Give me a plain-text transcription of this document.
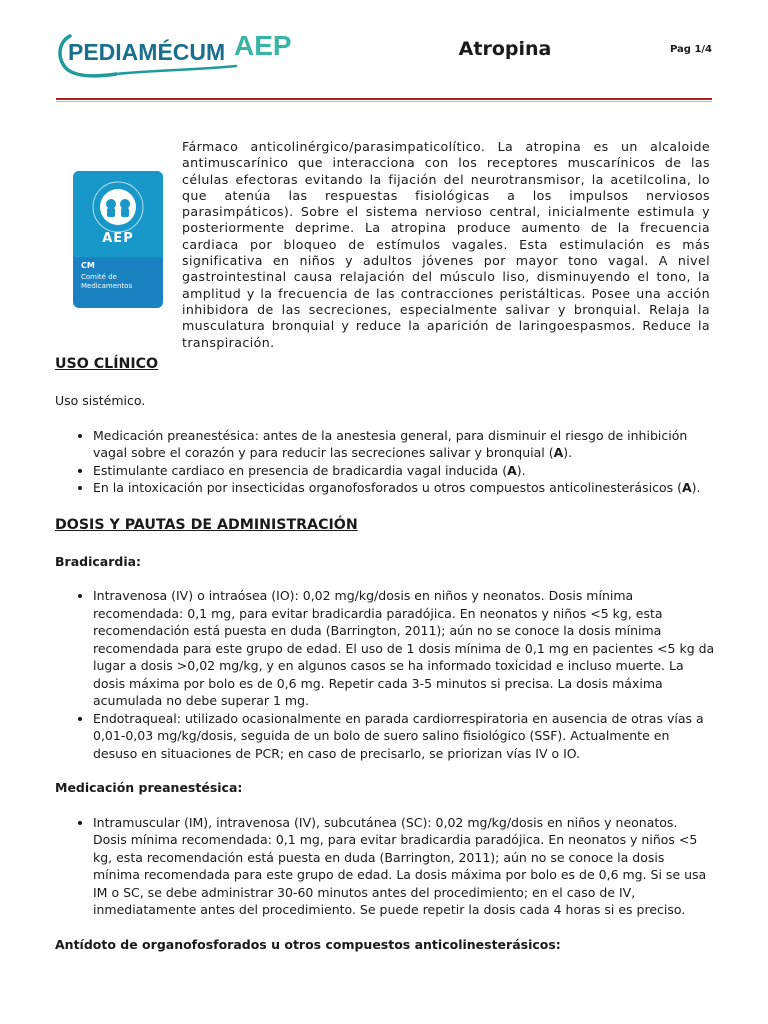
PEDIAMÉCUM AEP	Atropina	Pag 1/4
AEP
CM
Comité de
Medicamentos
Fármaco anticolinérgico/parasimpaticolítico. La atropina es un alcaloide antimuscarínico que interacciona con los receptores muscarínicos de las células efectoras evitando la fijación del neurotransmisor, la acetilcolina, lo que atenúa las respuestas fisiológicas a los impulsos nerviosos parasimpáticos). Sobre el sistema nervioso central, inicialmente estimula y posteriormente deprime. La atropina produce aumento de la frecuencia cardiaca por bloqueo de estímulos vagales. Esta estimulación es más significativa en niños y adultos jóvenes por mayor tono vagal. A nivel gastrointestinal causa relajación del músculo liso, disminuyendo el tono, la amplitud y la frecuencia de las contracciones peristálticas. Posee una acción inhibidora de las secreciones, especialmente salivar y bronquial. Relaja la musculatura bronquial y reduce la aparición de laringoespasmos. Reduce la transpiración.
USO CLÍNICO

Uso sistémico.

• Medicación preanestésica: antes de la anestesia general, para disminuir el riesgo de inhibición vagal sobre el corazón y para reducir las secreciones salivar y bronquial (A).
• Estimulante cardiaco en presencia de bradicardia vagal inducida (A).
• En la intoxicación por insecticidas organofosforados u otros compuestos anticolinesterásicos (A).
DOSIS Y PAUTAS DE ADMINISTRACIÓN

Bradicardia:

• Intravenosa (IV) o intraósea (IO): 0,02 mg/kg/dosis en niños y neonatos. Dosis mínima recomendada: 0,1 mg, para evitar bradicardia paradójica. En neonatos y niños <5 kg, esta recomendación está puesta en duda (Barrington, 2011); aún no se conoce la dosis mínima recomendada para este grupo de edad. El uso de 1 dosis mínima de 0,1 mg en pacientes <5 kg da lugar a dosis >0,02 mg/kg, y en algunos casos se ha informado toxicidad e incluso muerte. La dosis máxima por bolo es de 0,6 mg. Repetir cada 3-5 minutos si precisa. La dosis máxima acumulada no debe superar 1 mg.
• Endotraqueal: utilizado ocasionalmente en parada cardiorrespiratoria en ausencia de otras vías a 0,01-0,03 mg/kg/dosis, seguida de un bolo de suero salino fisiológico (SSF). Actualmente en desuso en situaciones de PCR; en caso de precisarlo, se priorizan vías IV o IO.

Medicación preanestésica:

• Intramuscular (IM), intravenosa (IV), subcutánea (SC): 0,02 mg/kg/dosis en niños y neonatos. Dosis mínima recomendada: 0,1 mg, para evitar bradicardia paradójica. En neonatos y niños <5 kg, esta recomendación está puesta en duda (Barrington, 2011); aún no se conoce la dosis mínima recomendada para este grupo de edad. La dosis máxima por bolo es de 0,6 mg. Si se usa IM o SC, se debe administrar 30-60 minutos antes del procedimiento; en el caso de IV, inmediatamente antes del procedimiento. Se puede repetir la dosis cada 4 horas si es preciso.

Antídoto de organofosforados u otros compuestos anticolinesterásicos:
